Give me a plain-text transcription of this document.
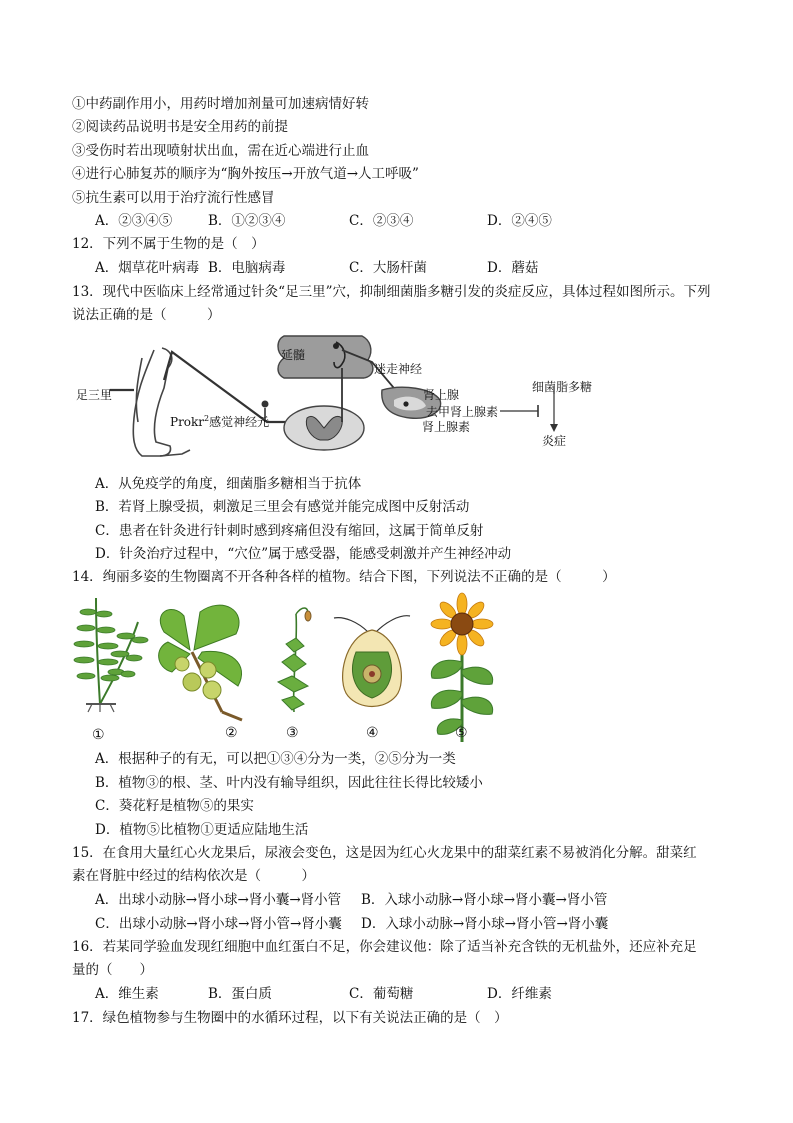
①中药副作用小，用药时增加剂量可加速病情好转
②阅读药品说明书是安全用药的前提
③受伤时若出现喷射状出血，需在近心端进行止血
④进行心肺复苏的顺序为“胸外按压→开放气道→人工呼吸”
⑤抗生素可以用于治疗流行性感冒
A．②③④⑤	B．①②③④	C．②③④	D．②④⑤
12．下列不属于生物的是（　）
A．烟草花叶病毒 B．电脑病毒	C．大肠杆菌	D．蘑菇
13．现代中医临床上经常通过针灸“足三里”穴，抑制细菌脂多糖引发的炎症反应，具体过程如图所示。下列
说法正确的是（　　　）
足三里
延髓
迷走神经
肾上腺
去甲肾上腺素
肾上腺素
细菌脂多糖
炎症
Prokr$^2$感觉神经元
A．从免疫学的角度，细菌脂多糖相当于抗体
B．若肾上腺受损，刺激足三里会有感觉并能完成图中反射活动
C．患者在针灸进行针刺时感到疼痛但没有缩回，这属于简单反射
D．针灸治疗过程中，“穴位”属于感受器，能感受刺激并产生神经冲动
14．绚丽多姿的生物圈离不开各种各样的植物。结合下图，下列说法不正确的是（　　　）
①	②	③	④	⑤
A．根据种子的有无，可以把①③④分为一类，②⑤分为一类
B．植物③的根、茎、叶内没有输导组织，因此往往长得比较矮小
C．葵花籽是植物⑤的果实
D．植物⑤比植物①更适应陆地生活
15．在食用大量红心火龙果后，尿液会变色，这是因为红心火龙果中的甜菜红素不易被消化分解。甜菜红
素在肾脏中经过的结构依次是（　　　）
A．出球小动脉→肾小球→肾小囊→肾小管 B．入球小动脉→肾小球→肾小囊→肾小管
C．出球小动脉→肾小球→肾小管→肾小囊 D．入球小动脉→肾小球→肾小管→肾小囊
16．若某同学验血发现红细胞中血红蛋白不足，你会建议他：除了适当补充含铁的无机盐外，还应补充足
量的（　　）
A．维生素	B．蛋白质	C．葡萄糖	D．纤维素
17．绿色植物参与生物圈中的水循环过程，以下有关说法正确的是（　）
